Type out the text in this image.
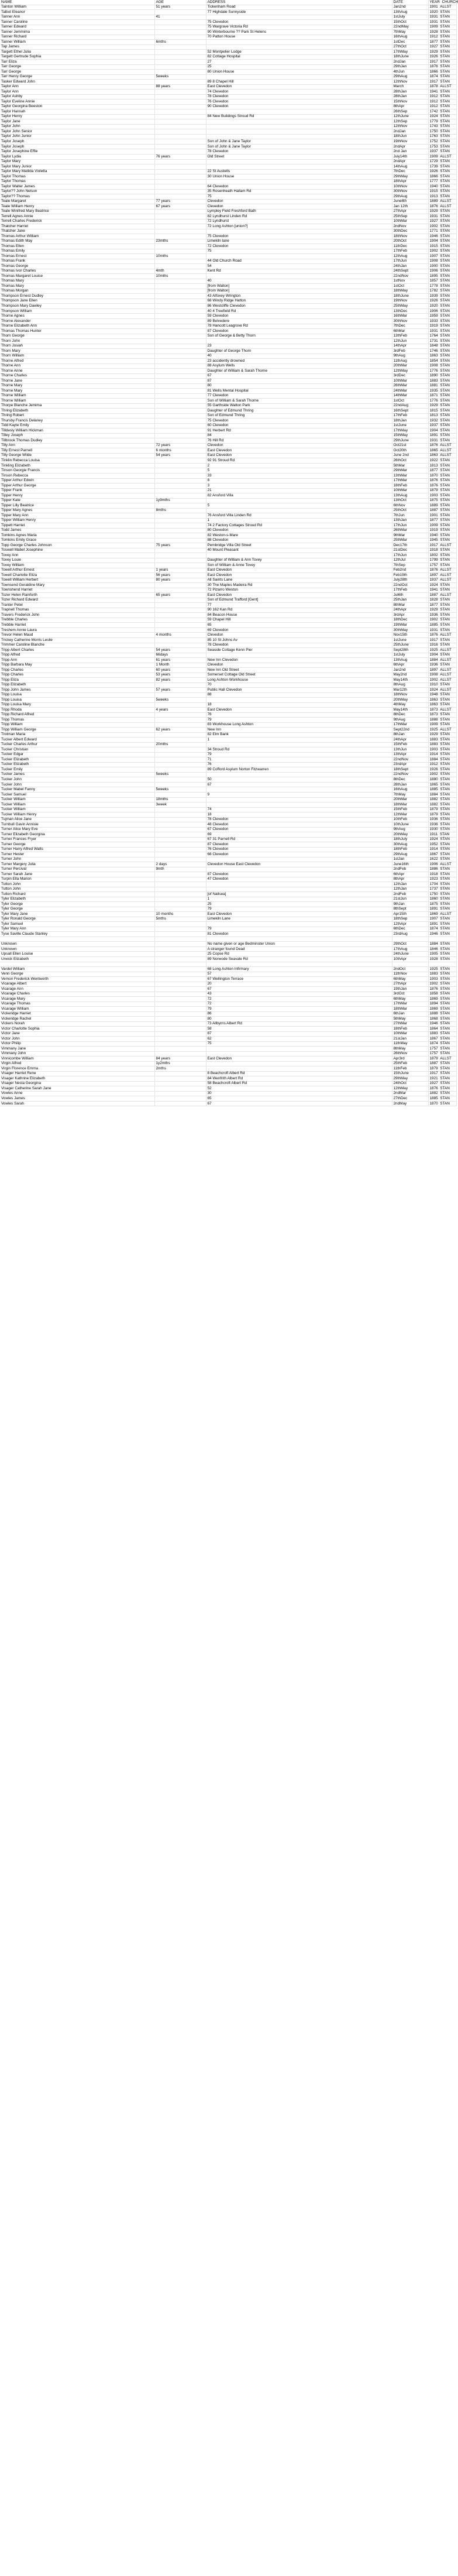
NAME	AGE	ADDRESS	DATE	YEAR CHURCH
Tainton William	51 years	Tickenham Road	Jan2nd	1901 ALLST
Talbot Eleanor		77 Highdale Sunnyside	13thAug	1920 STAN
Tanner Ann	41		1stJuly	1931 STAN
Tanner Caroline		75 Clevedon	15thOct	1931 STAN
Tanner Edward		75 Wargrave Victoria Rd	22ndMay	1909 STAN
Tanner Jemmima		90 Winterbourne ?? Park St Helens	7thMay	1928 STAN
Tanner Richard		70 Patton House	16thAug	1912 STAN
Tanner William	6mths		1stDec	1877 STAN
Tap James			27thOct	1927 STAN
Targett Ethel Julia		52 Montpelier Lodge	17thMay	1929 STAN
Targett Gertrude Sophia		82 Cottage Hospital	18thJune	1926 STAN
Tarr Eliza		27	2ndJan	1917 STAN
Tarr George		25	29thJan	1876 STAN
Tarr George		80 Union House	4thJun	1866 STAN
Tarr Henry George	5weeks		29thAug	1874 STAN
Tasker Edward John		89 8 Chapel Hill	12thNov	1917 STAN
Taylor Ann	88 years	East Clevedon	March	1878 ALLST
Taylor Ann		74 Clevedon	28thJan	1941 STAN
Taylor Ashby		78 Clevedon	28thJan	1912 STAN
Taylor Eveline Annie		76 Clevedon	15thNov	1912 STAN
Taylor Georgina Beeston		90 Clevedon	8thApr	1912 STAN
Taylor Hannah			26thSep	1742 STAN
Taylor Henry		84 New Buildings Stroud Rd	12thJune	1924 STAN
Taylor Jane			12thSep	1779 STAN
Taylor John			12thNov	1743 STAN
Taylor John Senior			2ndJan	1750 STAN
Taylor John Junior			18thJun	1763 STAN
Taylor Joseph		Son of John & Jane Taylor	19thNov	1752 STAN
Taylor Joseph		Son of John & Jane Taylor	2ndApr	1753 STAN
Taylor Josephine Effie		78 Clevedon	2nd Jan	1937 STAN
Taylor Lydia	76 years	Old Street	July14th	1909 ALLST
Taylor Mary			2ndApr	1729 STAN
Taylor Mary Junior			14thAug	1739 STAN
Taylor Mary Matilda Violetta		22 St Austells	7thDec	1926 STAN
Taylor Thomas		30 Union House	29thMay	1866 STAN
Taylor Thomas			18thApr	1777 STAN
Taylor Walter James		64 Clevedon	10thNov	1940 STAN
Taylor?? John Nelson		35 Rosenheath Hallam Rd	30thNov	1915 STAN
Taylor?? Thomas		75	29thAug	1913 STAN
Teale Margaret	77 years	Clevedon	June8th	1889 ALLST
Teale William Henry	67 years	Clevedon	Jan 12th	1876 ALLST
Teale Winifred Mary Beatrice		Lympley Field Freshford Bath	27thApr	1929 STAN
Terrell Agnes Annie		82 Lyndhurst Linden Rd	25thSep	1931 STAN
Terrell Charles Frederick		72 Lyndhurst	10thMar	1927 STAN
Thatcher Harriet		72 Long Ashton [union?]	2ndNov	1902 STAN
Thatcher Jane			30thDec	1771 STAN
Thomas Arthur William		75 Clevedon	18thNov	1946 STAN
Thomas Edith May	23mths	Limekiln lane	20thOct	1904 STAN
Thomas Ellen		72 Clevedon	11thDec	1915 STAN
Thomas Emily		75	17thFeb	1902 STAN
Thomas Ernest	10mths		12thAug	1907 STAN
Thomas Frank		44 Old Church Road	17thJun	1908 STAN
Thomas George		54	24thJan	1900 STAN
Thomas Ivor Charles	4mth	Kent Rd	24thSept	1906 STAN
Thomas Margaret Louise	10mths		22ndNov	1895 STAN
Thomas Mary		40	1stNov	1857 STAN
Thomas Mary		[from Walton]	1stOct	1778 STAN
Thomas Morgan		[from Walton]	18thMay	1782 STAN
Thompson Ernest Dudley		43 Alfoxey Wrington	18thJune	1939 STAN
Thompson Jane Ellen		68 Windy Ridge Hatton	19thNov	1926 STAN
Thompson Mary Dawley		86 Westcliffe Clevedon	25thMay	1920 STAN
Thompson William		40 4 Treefield Rd	13thDec	1906 STAN
Thorne Agnes		59 Clevedon	16thMar	1959 STAN
Thorne Alexander		89 Belvedere	30thNov	1933 STAN
Thorne Elizabeth Ann		78 Hancott Leagrove Rd	7thDec	1919 STAN
Thomas Thomas Hunter		87 Clevedon	6thMar	1931 STAN
Thorn George		Son of George & Betty Thorn	13thFeb	1764 STAN
Thorn John			12thJun	1731 STAN
Thorn Josiah		23	14thApr	1848 STAN
Thorn Mary		Daughter of George Thorn	3rdFeb	1746 STAN
Thorn William		40	9thAug	1863 STAN
Thorne Alfred		23 accidently drowned	11thAug	1854 STAN
Thorne Ann		88 Asylum Wells	20thMar	1908 STAN
Thorne Anne		Daughter of William & Sarah Thorne	12thMay	1776 STAN
Thorne Charles		67	3rdDec	1890 STAN
Thorne Jane		87	10thMar	1883 STAN
Thorne Mary		80	26thMar	1881 STAN
Thorne Mary		81 Wells Mental Hospital	24thMar	1935 STAN
Thorne William		77 Clevedon	14thMar	1871 STAN
Thorne William		Son of William & Sarah Thorne	1stOct	1776 STAN
Thorpe Blanche Jemima		55 Garthside Walton Park	22ndAug	1929 STAN
Thring Elizabeth		Daughter of Edmund Thring	16thSept	1815 STAN
Thring Robert		Son of Edmund Thring	17thFeb	1813 STAN
Thursby Francis Delaney		75 Clevedon	18thJan	1932 STAN
Tidd Kayte Emily		60 Clevedon	1stJune	1937 STAN
Tilldesly William Hickman		91 Herbert Rd	17thMay	1904 STAN
Tilley Joseph		84	15thMay	1891 STAN
Tillbrook Thomas Dudley		76 Hill Rd	29thJune	1931 STAN
Tilly Ann	72 years	Clevedon	Oct21st	1876 ALLST
Tilly Ernest Parnell	6 months	East Clevedon	Oct20th	1865 ALLST
Tilly George Wilde	54 years	East Clevedon	June 2nd	1863 ALLST
Tinklin Rebecca Louisa		92 91 Stroud Rd	26thOct	1922 STAN
Tinkling Elizabeth		2	5thMar	1813 STAN
Tinson Georgie Francis		5	29thMar	1877 STAN
Tinson Rebecca		33	13thMar	1870 STAN
Tipper Arthur Edwin		8	17thMar	1876 STAN
Tipper Arthur George		3	18thFeb	1876 STAN
Tipper Frank		21	10thMar	1879 STAN
Tipper Henry		82 Ansford Villa	13thAug	1903 STAN
Tipper Kate	1y9mths		13thOct	1875 STAN
Tipper Lilly Beatrice		5	6thNov	1889 STAN
Tipper Mary Agnes	8mths		25thOct	1887 STAN
Tipper Mary Ann		76 Ansford Villa Linden Rd	7thJun	1901 STAN
Tipper William Henry		1	13thJan	1877 STAN
Tippett Harriet		74 2 Factory Cottages Stroud Rd	17thJun	1909 STAN
Todd James		80 Clevedon	26thMar	1919 STAN
Tomkins Agnes Maria		82 Weston-s-Mare	9thMar	1940 STAN
Tomkins Emily Grace		88 Clevedon	25thMar	1945 STAN
Topp George Charles Johnson	75 years	Pembridge Villa Old Street	Dec17th	1917 ALLST
Toswell Mabel Josephine		40 Mount Pleasant	21stDec	1918 STAN
Tovey Ann			17thJun	1802 STAN
Tovey Louie		Daughter of William & Ann Tovey	12thJul	1799 STAN
Tovey William		Son of William & Anne Tovey	7thSep	1757 STAN
Towell Arthur Ernest	1 years	East Clevedon	Feb2nd	1876 ALLST
Towell Charlotte Eliza	56 years	East Clevedon	Feb19th	1897 ALLST
Towell William Herbert	80 years	All Saints Lane	July28th	1937 ALLST
Townsend Geraldine Mary		30 The Maples Madeira Rd	22ndOct	1924 STAN
Townshend Harriet		72 Pizarro Weston	17thFeb	1941 STAN
Tozer Helen Rainforth	65 years	East Clevedon	Jul6th	1887 ALLST
Tozer Richard Edward		Son of Edmund Trafford [Gent]	25thJan	1828 STAN
Tranter Peter		77	8thMar	1877 STAN
Trapnell Thomas		90 162 Kan Rd	24thApr	1929 STAN
Travers Frederick John		84 Beacon House	3rdApr	1936 STAN
Trebble Charles		59 Chapel Hill	18thDec	1902 STAN
Trebble Harriet		65	19thMar	1885 STAN
Treshem Annie Laura		69 Clevedon	30thMay	1931 STAN
Trevor Helen Maud	4 months	Clevedon	Nov15th	1876 ALLST
Trickey Catherine Morris Leslie		85 10 St Johns Av	1stJune	1917 STAN
Trimmer Caroline Blanche		78 Clevedon	25thJune	1916 STAN
Tripp Albert Charles	54 years	Seaside Cottage Kenn Pier	Sept28th	1925 ALLST
Tripp Alfred	66days		1stJuly	1904 STAN
Tripp Ann	61 years	New Inn Clevedon	13thAug	1884 ALLST
Tripp Barbara May	1 Month	Clevedon	6thApr	1936 STAN
Tripp Charles	60 years	New Inn Old Street	Jan2nd	1897 ALLST
Tripp Charles	53 years	Somerset Cottage Old Street	May2nd	1908 ALLST
Tripp Eliza	82 years	Long Ashton Workhouse	May14th	1902 ALLST
Tripp Elizabeth		70	8thAug	1910 STAN
Tripp John James	57 years	Public Hall Clevedon	Mar12th	1924 ALLST
Tripp Louisa		88	18thNov	1948 STAN
Tripp Louisa	5weeks		20thMay	1863 STAN
Tripp Louisa Mary		18	4thMay	1863 STAN
Tripp Rhoda	4 years	East Clevedon	May14th	1873 ALLST
Tripp Richard Alfred		76	8thDec	1873 STAN
Tripp Thomas		79	9thAug	1888 STAN
Tripp William		83 Workhouse Long Ashton	17thMar	1909 STAN
Tripp William George	62 years	New Inn	Sept22nd	1925 ALLST
Trotman Maria		82 Elm Bank	8thJan	1929 STAN
Tucker Albert Edward		1	24thApr	1883 STAN
Tucker Charles Arthur	20mths		15thFeb	1883 STAN
Tucker Christian		34 Stroud Rd	13thJun	1903 STAN
Tucker Edgar		79	13thApr	1914 STAN
Tucker Elizabeth		71	22ndNov	1884 STAN
Tucker Elizabeth		76	23rdApr	1912 STAN
Tucker Emily		89 Cofford Asylum Norton Fitzwarren	18thSept	1926 STAN
Tucker James	5weeks		22ndNov	1902 STAN
Tucker John		50	8thDec	1880 STAN
Tucker John		67	28thJan	1865 STAN
Tucker Mabel Fanny	5weeks		16thAug	1885 STAN
Tucker Samuel		9	7thMay	1884 STAN
Tucker William	18mths		20thMar	1882 STAN
Tucker William	3week		18thMar	1882 STAN
Tucker William		74	15thFeb	1879 STAN
Tucker William Henry		18	12thMar	1879 STAN
Tujman Alice Jane		78 Clevedon	10thFeb	1936 STAN
Turnbull Gavin Annisle		48 Clevedon	10thJune	1936 STAN
Turner Alice Mary Eve		67 Clevedon	9thAug	1930 STAN
Turner Elizabeth Georgina		69	20thMay	1911 STAN
Turner Frances Fryer		67 31 Parnell Rd	18thJuly	1924 STAN
Turner George		87 Clevedon	30thAug	1952 STAN
Turner Harry Alfred Watts		76 Clevedon	18thFeb	1914 STAN
Turner Hester		68 Clevedon	29thAug	1867 STAN
Turner John			1stJan	1622 STAN
Turner Margery Julia	2 days	Clevedon House East Clevedon	June16th	1906 ALLST
Turner Percival	9mth		2ndFeb	1886 STAN
Turner Sarah Jane		87 Clevedon	6thApr	1918 STAN
Turpin Ella Marion		47 Clevedon	8thApr	1923 STAN
Tutton John			12thJan	1704 STAN
Tutton John			12thJan	1737 STAN
Tutton Richard		[of Nailsea]	2ndFeb	1750 STAN
Tyler Elizabeth		1	21stJun	1860 STAN
Tyler George		25	9thJan	1875 STAN
Tyler George		79	8thSept	1891 STAN
Tyler Mary Jane	10 months	East Clevedon	Apr15th	1869 ALLST
Tyler Ronald George	5mths	Limekiln Lane	18thSep	1907 STAN
Tyler Samuel			12thApr	1891 STAN
Tyler Mary Ann		79	6thDec	1874 STAN
Tyse Saville Claude Stanley		81 Clevedon	23rdAug	1946 STAN

Unknown		No name given or age Bedminster Union	29thOct	1884 STAN
Unknown		A stranger found Dead	17thAug	1846 STAN
Upsall Ellen Louise		25 Copse Rd	24thJune	1905 STAN
Urwick Elizabeth		89 Norwode Seavale Rd	10thApr	1928 STAN

Vardel William		68 Long Ashton Infirmary	2ndOct	1925 STAN
Venn George		57	11thNov	1883 STAN
Vernon Frederick Wentworth		67 Wellington Terrace	6thMay	1903 STAN
Vicarage Albert		20	27thApr	1902 STAN
Vicarage Ann		67	19thJan	1876 STAN
Vicarage Charles		43	3rdOct	1858 STAN
Vicarage Mary		72	6thMay	1869 STAN
Vicarage Thomas		72	17thMar	1894 STAN
Vicarage William		79	18thMar	1869 STAN
Vickeridge Harriet		86	6thJan	1888 STAN
Vickeridge Rachel		80	5thMay	1868 STAN
Vickers Norah		73 Allbyrns Albert Rd	27thMar	1946 STAN
Victor Charlotte Sophia		58	18thFeb	1864 STAN
Victor Jane		87	10thMar	1883 STAN
Victor John		62	21stJan	1867 STAN
Victor Philip		75	11thMay	1874 STAN
Vimmany Jane			8thMay	1757 STAN
Vimmany John			26thNov	1757 STAN
Vinnicombe William	84 years	East Clevedon	Apr3rd	1879 ALLST
Virgin Alfred	1y2mths		25thFeb	1887 STAN
Virgin Florence Emma	2mths		11thFeb	1879 STAN
Visager Harriet Rene		8 Beachcroft Albert Rd	15thJune	1917 STAN
Visager Kathrine Elizabeth		84 Wenfrith Albert Rd	29thMay	1921 STAN
Visager Nesta Georgina		58 Beachcroft Albert Rd	24thOct	1927 STAN
Visager Catherine Sarah Jane		52	12thMay	1876 STAN
Vowles Anne		30	2ndMar	1882 STAN
Vowles James		65	27thDec	1885 STAN
Vowles Sarah		67	2ndMay	1870 STAN
